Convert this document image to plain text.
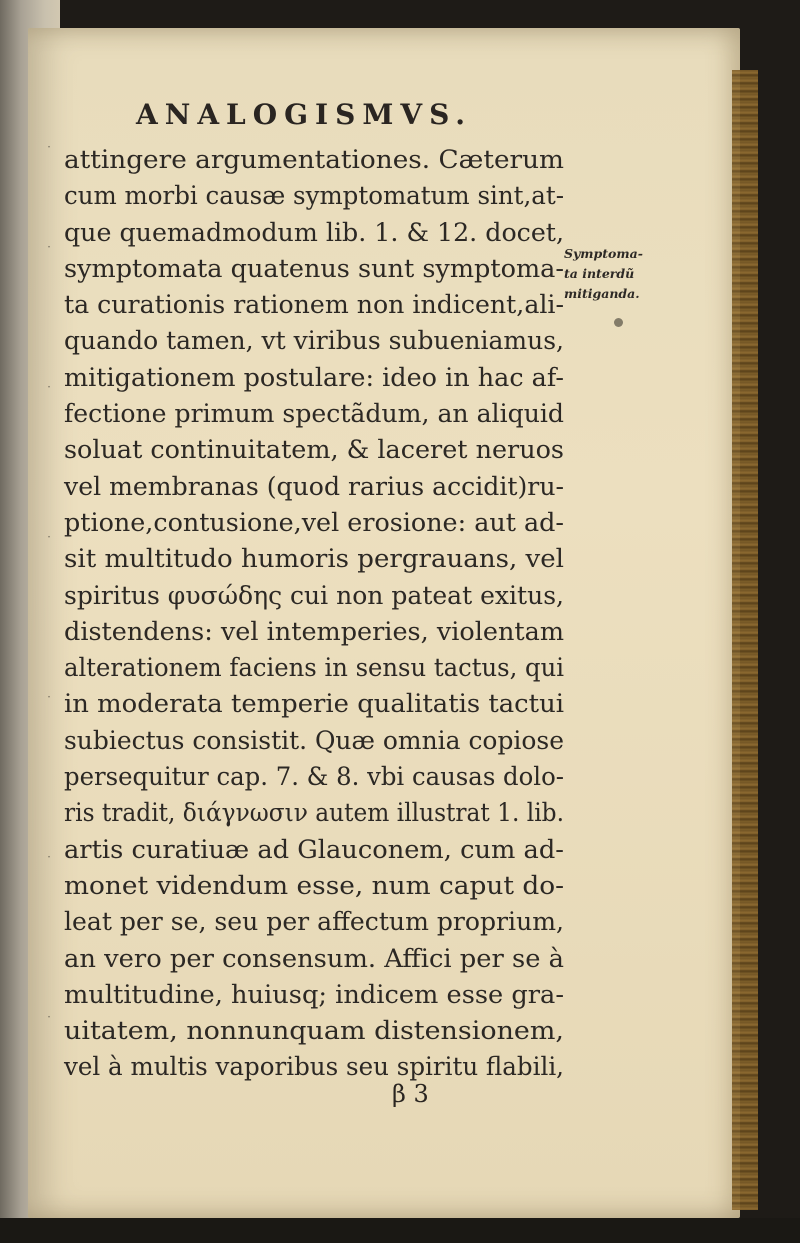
·
·
·
·
·
·
·
ANALOGISMVS.
attingere argumentationes. Cæterum
cum morbi causæ symptomatum sint,at-
que quemadmodum lib. 1. & 12. docet,
symptomata quatenus sunt symptoma-
ta curationis rationem non indicent,ali-
quando tamen, vt viribus subueniamus,
mitigationem postulare: ideo in hac af-
fectione primum spectãdum, an aliquid
soluat continuitatem, & laceret neruos
vel membranas (quod rarius accidit)ru-
ptione,contusione,vel erosione: aut ad-
sit multitudo humoris pergrauans, vel
spiritus φυσώδης cui non pateat exitus,
distendens: vel intemperies, violentam
alterationem faciens in sensu tactus, qui
in moderata temperie qualitatis tactui
subiectus consistit. Quæ omnia copiose
persequitur cap. 7. & 8. vbi causas dolo-
ris tradit, διάγνωσιν autem illustrat 1. lib.
artis curatiuæ ad Glauconem, cum ad-
monet videndum esse, num caput do-
leat per se, seu per affectum proprium,
an vero per consensum. Affici per se à
multitudine, huiusq; indicem esse gra-
uitatem, nonnunquam distensionem,
vel à multis vaporibus seu spiritu flabili,
Symptoma-
ta interdũ
mitiganda.
β 3
